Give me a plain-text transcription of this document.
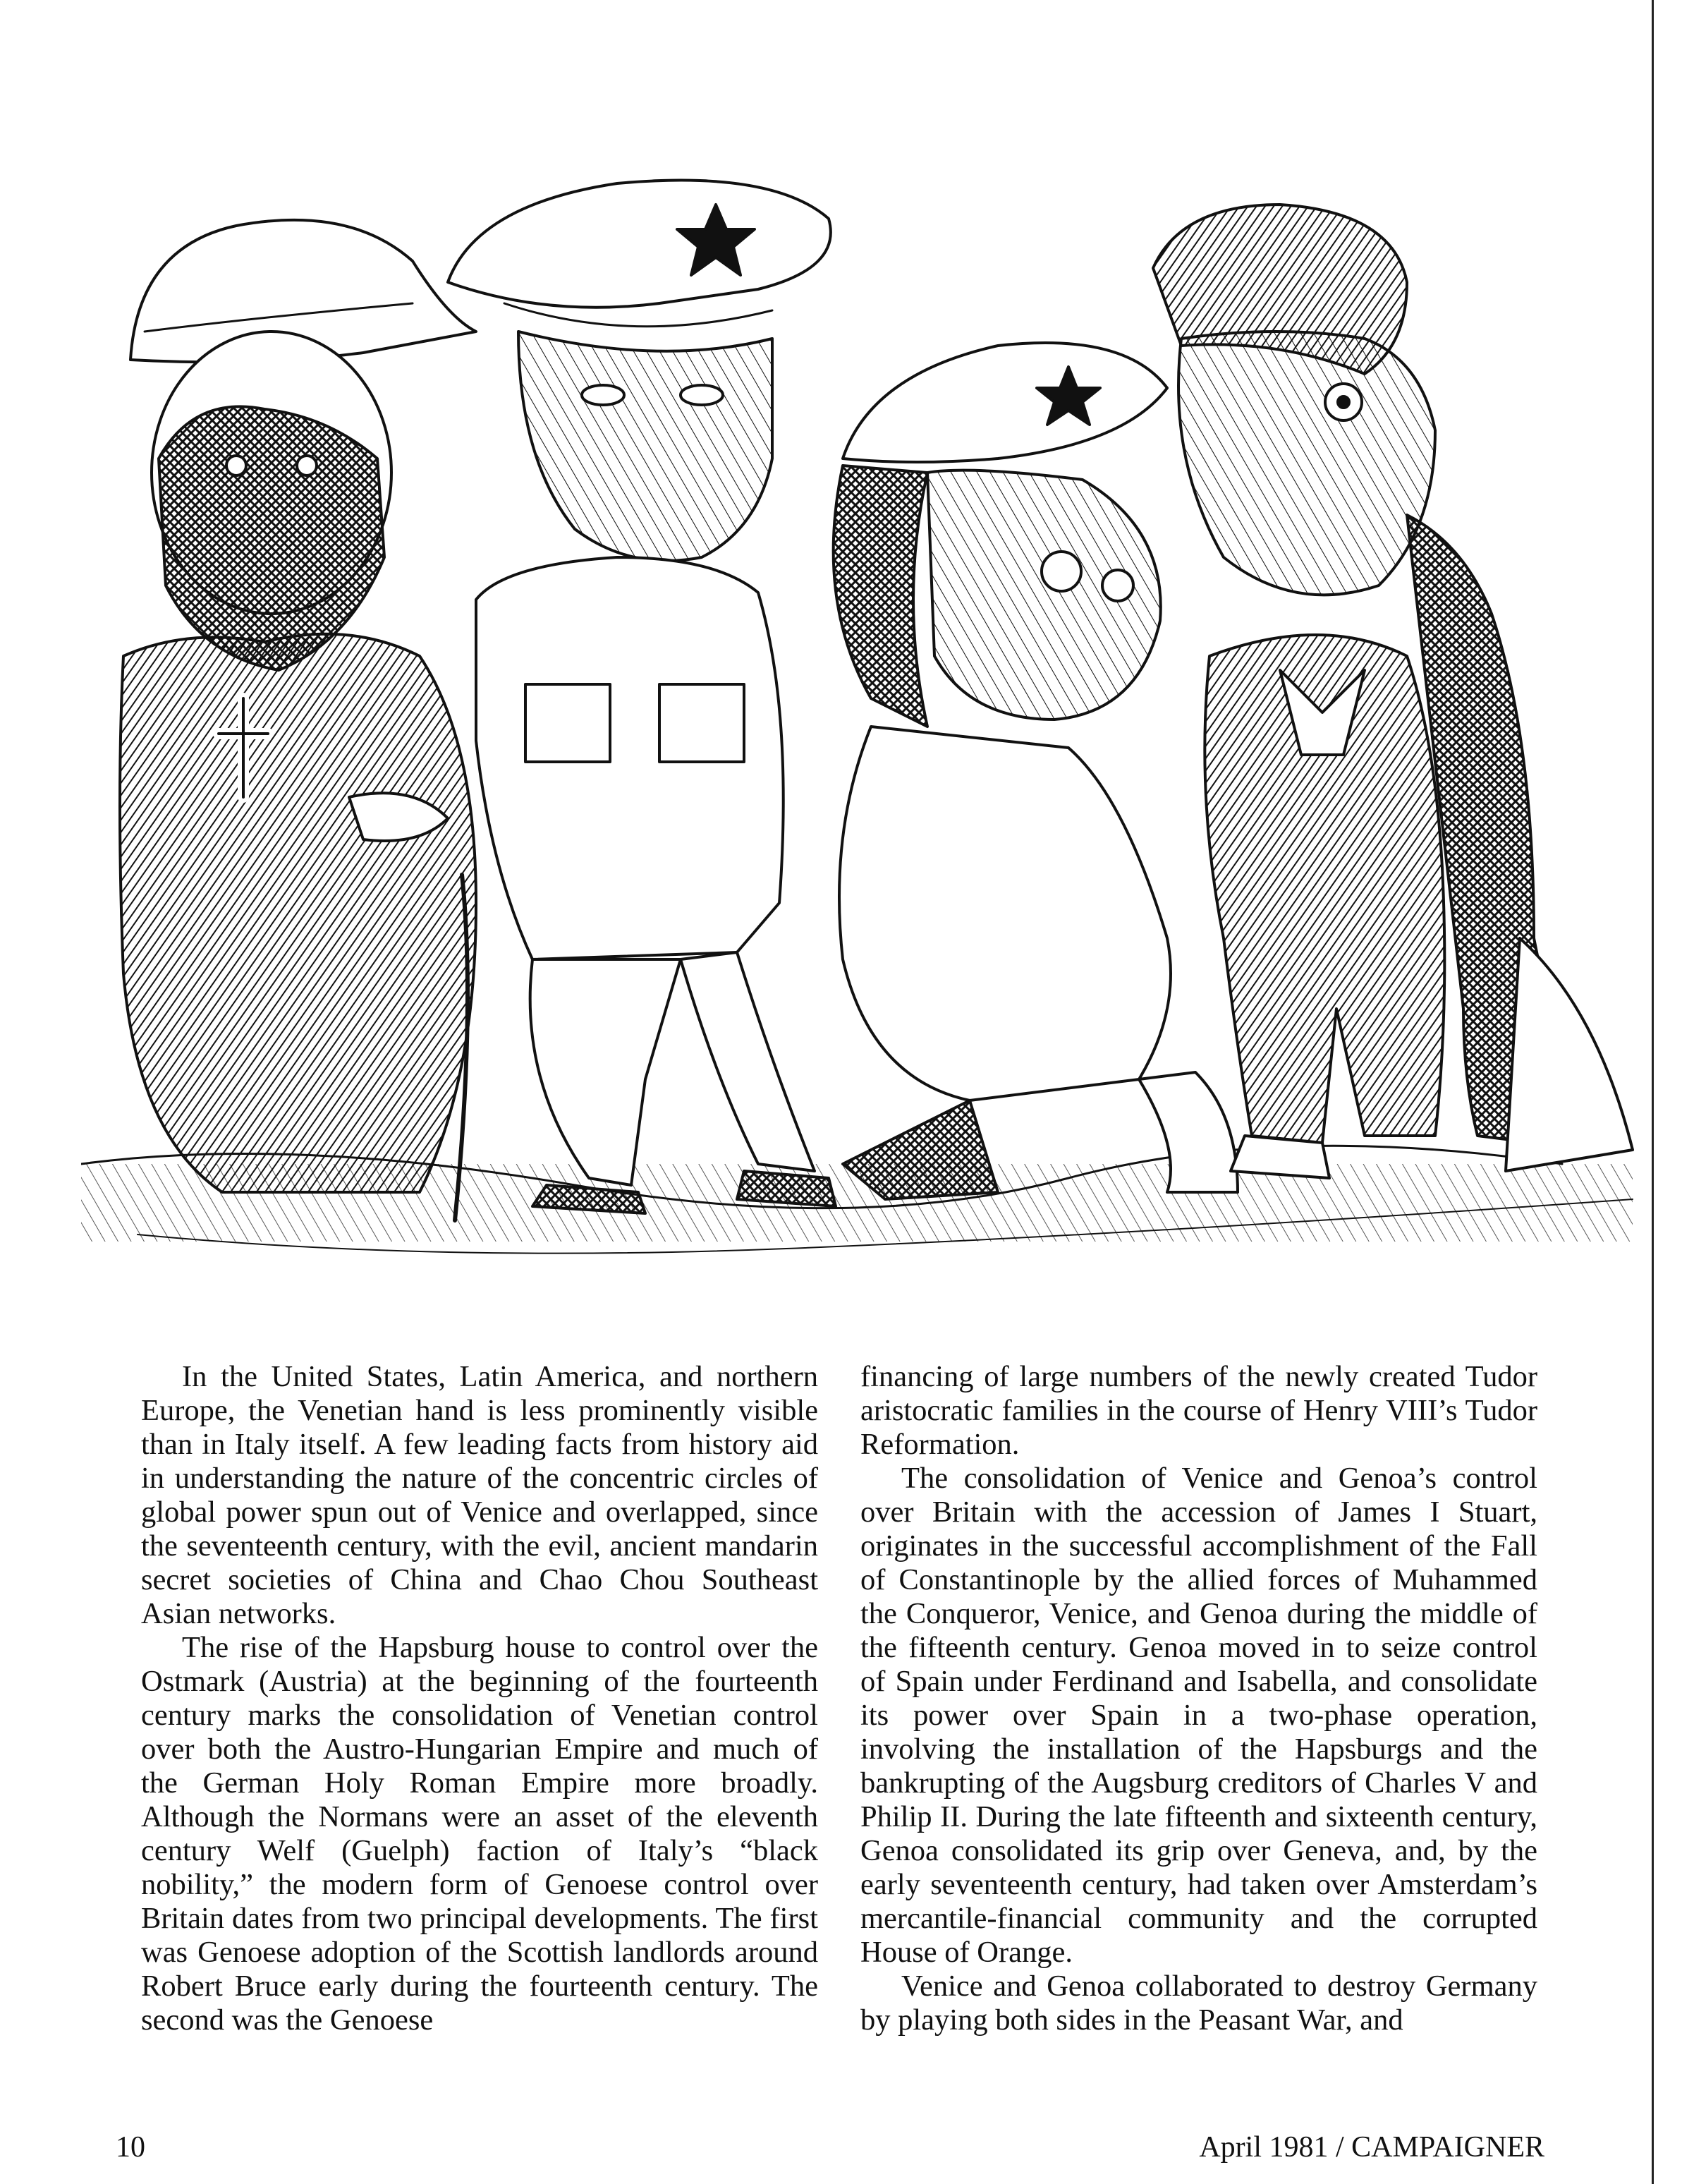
In the United States, Latin America, and northern Europe, the Venetian hand is less prominently visible than in Italy itself. A few leading facts from history aid in understanding the nature of the concentric circles of global power spun out of Venice and overlapped, since the seventeenth century, with the evil, ancient mandarin secret societies of China and Chao Chou Southeast Asian networks.

The rise of the Hapsburg house to control over the Ostmark (Austria) at the beginning of the fourteenth century marks the consolidation of Venetian control over both the Austro-Hungarian Empire and much of the German Holy Roman Empire more broadly. Although the Normans were an asset of the eleventh century Welf (Guelph) faction of Italy’s “black nobility,” the modern form of Genoese control over Britain dates from two principal developments. The first was Genoese adoption of the Scottish landlords around Robert Bruce early during the fourteenth century. The second was the Genoese

financing of large numbers of the newly created Tudor aristocratic families in the course of Henry VIII’s Tudor Reformation.

The consolidation of Venice and Genoa’s control over Britain with the accession of James I Stuart, originates in the successful accomplishment of the Fall of Constantinople by the allied forces of Muhammed the Conqueror, Venice, and Genoa during the middle of the fifteenth century. Genoa moved in to seize control of Spain under Ferdinand and Isabella, and consolidate its power over Spain in a two-phase operation, involving the installation of the Hapsburgs and the bankrupting of the Augsburg creditors of Charles V and Philip II. During the late fifteenth and sixteenth century, Genoa consolidated its grip over Geneva, and, by the early seventeenth century, had taken over Amsterdam’s mercantile-financial community and the corrupted House of Orange.

Venice and Genoa collaborated to destroy Germany by playing both sides in the Peasant War, and

10	April 1981 / CAMPAIGNER
